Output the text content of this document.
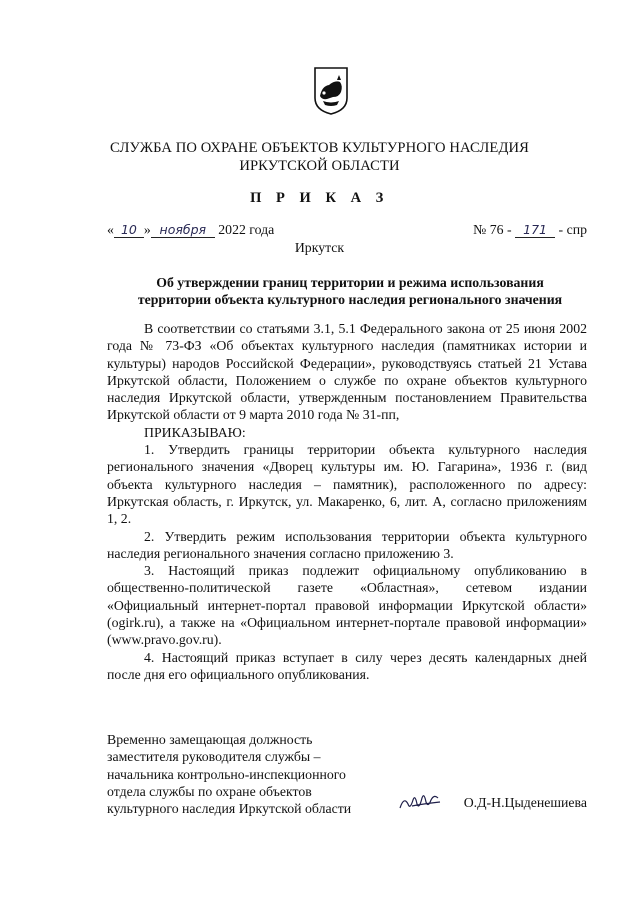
СЛУЖБА ПО ОХРАНЕ ОБЪЕКТОВ КУЛЬТУРНОГО НАСЛЕДИЯ
ИРКУТСКОЙ ОБЛАСТИ
П Р И К А З
« 10 » ноября 2022 года	№ 76 - 171 - спр
Иркутск
Об утверждении границ территории и режима использования
территории объекта культурного наследия регионального значения

В соответствии со статьями 3.1, 5.1 Федерального закона от 25 июня 2002 года № 73-ФЗ «Об объектах культурного наследия (памятниках истории и культуры) народов Российской Федерации», руководствуясь статьей 21 Устава Иркутской области, Положением о службе по охране объектов культурного наследия Иркутской области, утвержденным постановлением Правительства Иркутской области от 9 марта 2010 года № 31-пп,

ПРИКАЗЫВАЮ:

1. Утвердить границы территории объекта культурного наследия регионального значения «Дворец культуры им. Ю. Гагарина», 1936 г. (вид объекта культурного наследия – памятник), расположенного по адресу: Иркутская область, г. Иркутск, ул. Макаренко, 6, лит. А, согласно приложениям 1, 2.

2. Утвердить режим использования территории объекта культурного наследия регионального значения согласно приложению 3.

3. Настоящий приказ подлежит официальному опубликованию в общественно-политической газете «Областная», сетевом издании «Официальный интернет-портал правовой информации Иркутской области» (ogirk.ru), а также на «Официальном интернет-портале правовой информации» (www.pravo.gov.ru).

4. Настоящий приказ вступает в силу через десять календарных дней после дня его официального опубликования.

Временно замещающая должность
заместителя руководителя службы –
начальника контрольно-инспекционного
отдела службы по охране объектов
культурного наследия Иркутской области	О.Д-Н.Цыденешиева
